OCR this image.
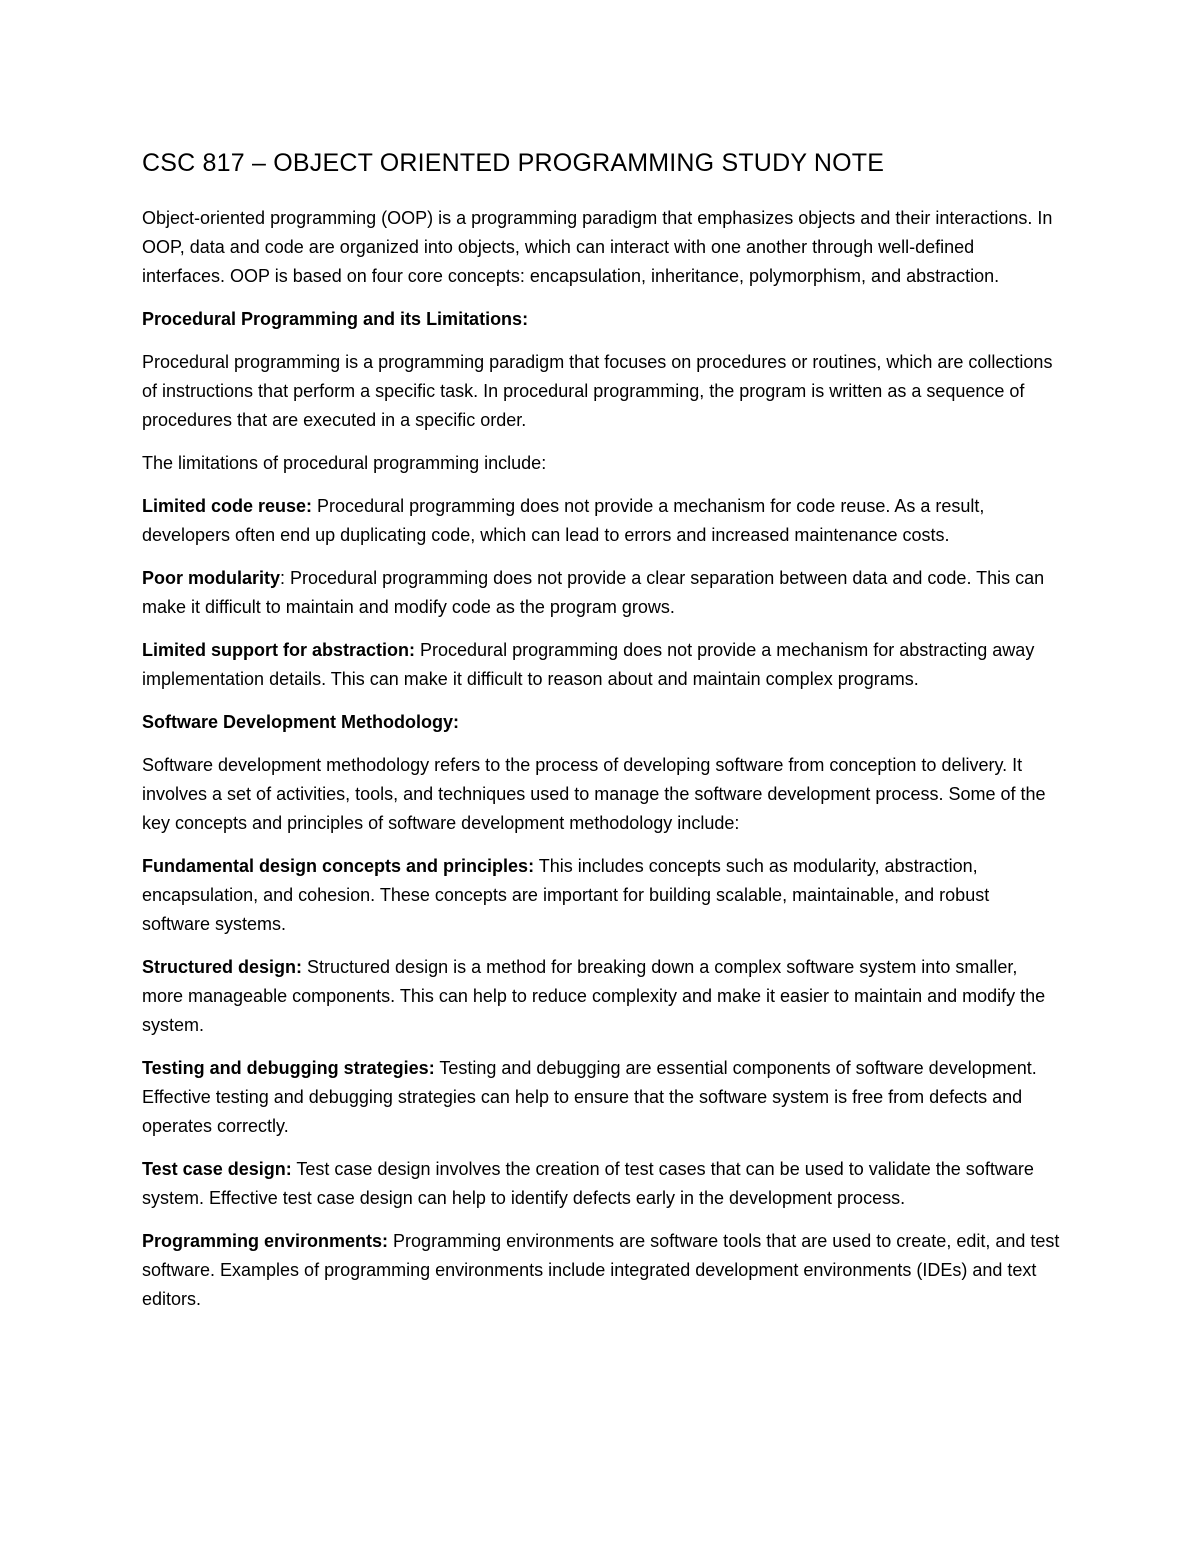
CSC 817 – OBJECT ORIENTED PROGRAMMING STUDY NOTE

Object-oriented programming (OOP) is a programming paradigm that emphasizes objects and their interactions. In OOP, data and code are organized into objects, which can interact with one another through well-defined interfaces. OOP is based on four core concepts: encapsulation, inheritance, polymorphism, and abstraction.

Procedural Programming and its Limitations:

Procedural programming is a programming paradigm that focuses on procedures or routines, which are collections of instructions that perform a specific task. In procedural programming, the program is written as a sequence of procedures that are executed in a specific order.

The limitations of procedural programming include:

Limited code reuse: Procedural programming does not provide a mechanism for code reuse. As a result, developers often end up duplicating code, which can lead to errors and increased maintenance costs.

Poor modularity: Procedural programming does not provide a clear separation between data and code. This can make it difficult to maintain and modify code as the program grows.

Limited support for abstraction: Procedural programming does not provide a mechanism for abstracting away implementation details. This can make it difficult to reason about and maintain complex programs.

Software Development Methodology:

Software development methodology refers to the process of developing software from conception to delivery. It involves a set of activities, tools, and techniques used to manage the software development process. Some of the key concepts and principles of software development methodology include:

Fundamental design concepts and principles: This includes concepts such as modularity, abstraction, encapsulation, and cohesion. These concepts are important for building scalable, maintainable, and robust software systems.

Structured design: Structured design is a method for breaking down a complex software system into smaller, more manageable components. This can help to reduce complexity and make it easier to maintain and modify the system.

Testing and debugging strategies: Testing and debugging are essential components of software development. Effective testing and debugging strategies can help to ensure that the software system is free from defects and operates correctly.

Test case design: Test case design involves the creation of test cases that can be used to validate the software system. Effective test case design can help to identify defects early in the development process.

Programming environments: Programming environments are software tools that are used to create, edit, and test software. Examples of programming environments include integrated development environments (IDEs) and text editors.
